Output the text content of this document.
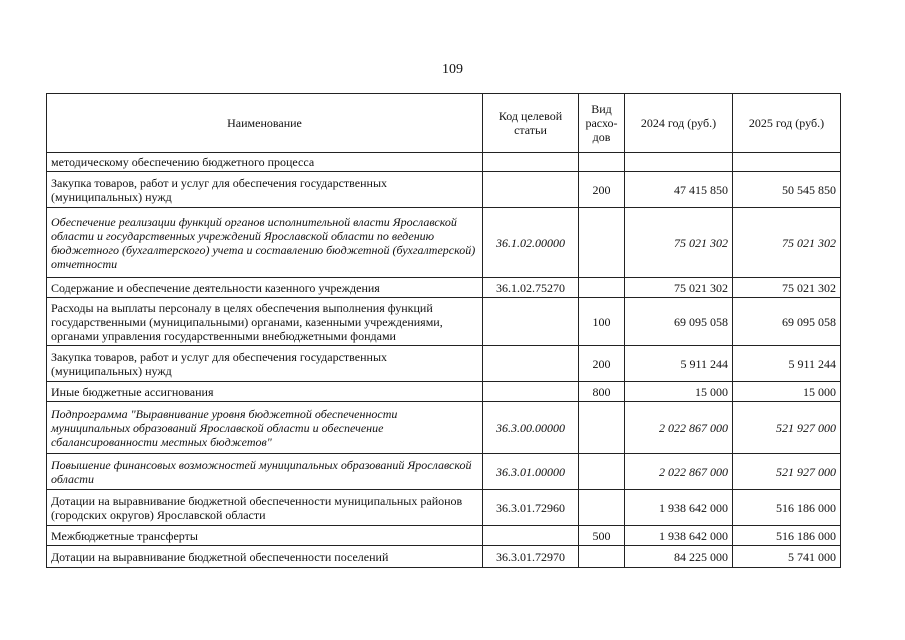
109
Наименование	Код целевой статьи	Вид расхо-дов	2024 год (руб.)	2025 год (руб.)
методическому обеспечению бюджетного процесса				
Закупка товаров, работ и услуг для обеспечения государственных (муниципальных) нужд		200	47 415 850	50 545 850
Обеспечение реализации функций органов исполнительной власти Ярославской области и государственных учреждений Ярославской области по ведению бюджетного (бухгалтерского) учета и составлению бюджетной (бухгалтерской) отчетности	36.1.02.00000		75 021 302	75 021 302
Содержание и обеспечение деятельности казенного учреждения	36.1.02.75270		75 021 302	75 021 302
Расходы на выплаты персоналу в целях обеспечения выполнения функций государственными (муниципальными) органами, казенными учреждениями, органами управления государственными внебюджетными фондами		100	69 095 058	69 095 058
Закупка товаров, работ и услуг для обеспечения государственных (муниципальных) нужд		200	5 911 244	5 911 244
Иные бюджетные ассигнования		800	15 000	15 000
Подпрограмма "Выравнивание уровня бюджетной обеспеченности муниципальных образований Ярославской области и обеспечение сбалансированности местных бюджетов"	36.3.00.00000		2 022 867 000	521 927 000
Повышение финансовых возможностей муниципальных образований Ярославской области	36.3.01.00000		2 022 867 000	521 927 000
Дотации на выравнивание бюджетной обеспеченности муниципальных районов (городских округов) Ярославской области	36.3.01.72960		1 938 642 000	516 186 000
Межбюджетные трансферты		500	1 938 642 000	516 186 000
Дотации на выравнивание бюджетной обеспеченности поселений	36.3.01.72970		84 225 000	5 741 000
